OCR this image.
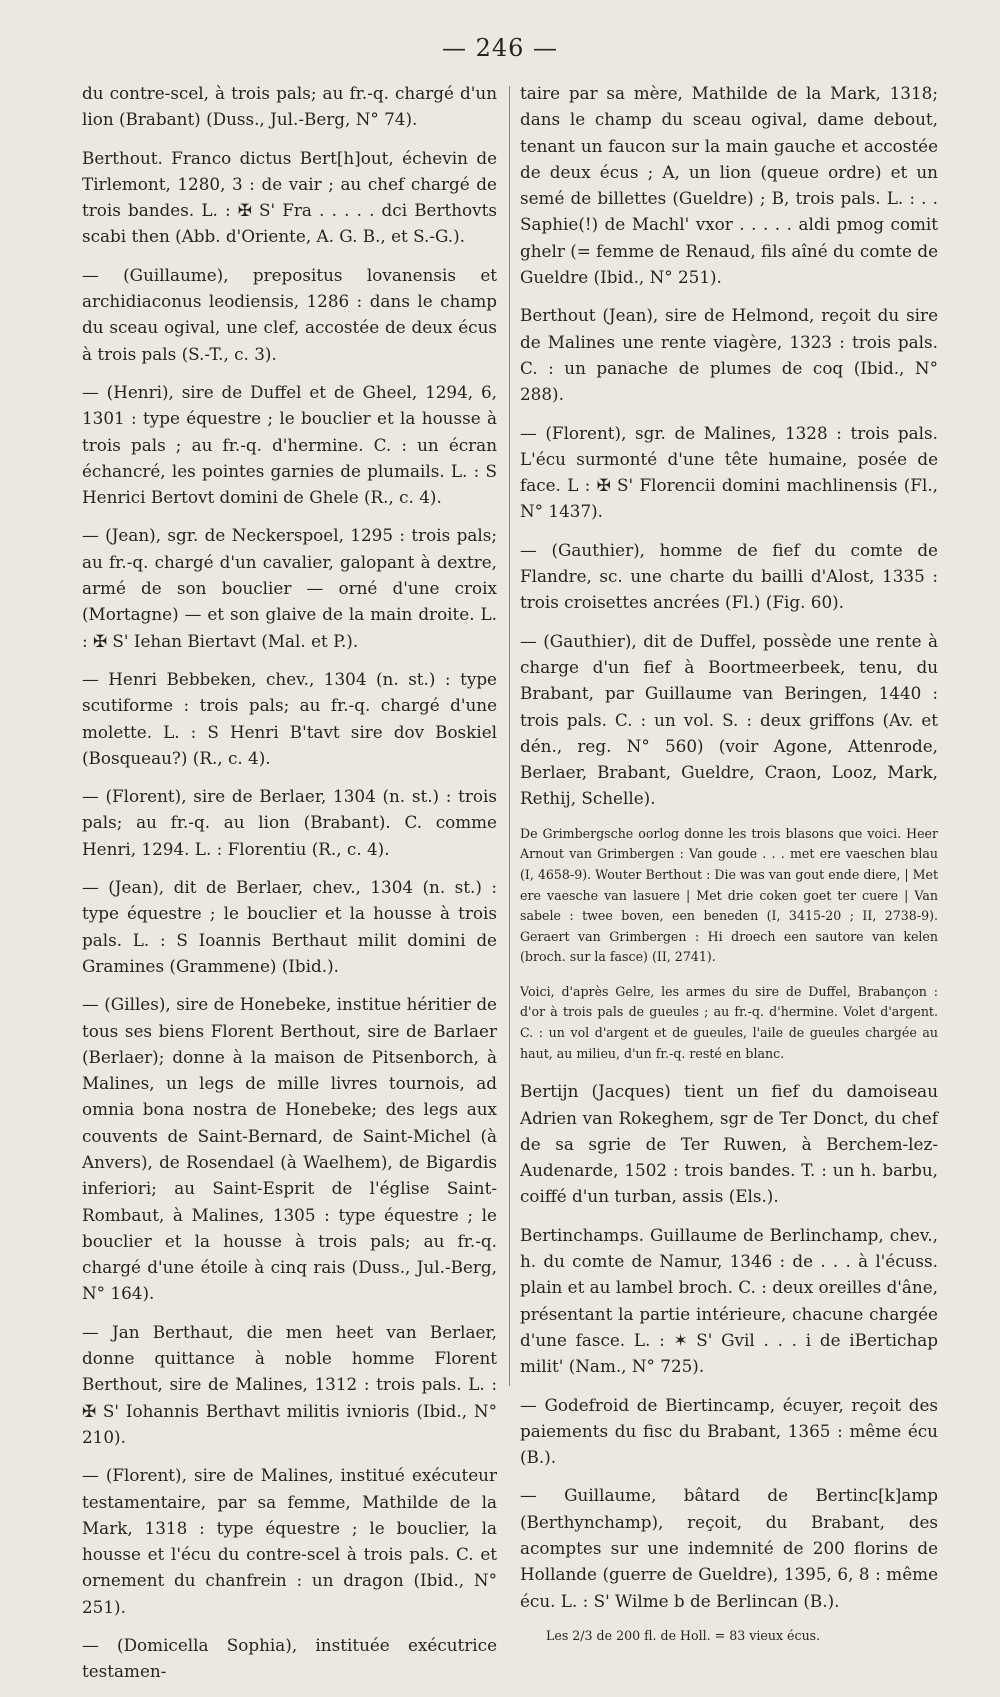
— 246 —

du contre-scel, à trois pals; au fr.-q. chargé d'un lion (Brabant) (Duss., Jul.-Berg, N° 74).

Berthout. Franco dictus Bert[h]out, échevin de Tirlemont, 1280, 3 : de vair ; au chef chargé de trois bandes. L. : ✠ S' Fra . . . . . dci Berthovts scabi then (Abb. d'Oriente, A. G. B., et S.-G.).

— (Guillaume), prepositus lovanensis et archidiaconus leodiensis, 1286 : dans le champ du sceau ogival, une clef, accostée de deux écus à trois pals (S.-T., c. 3).

— (Henri), sire de Duffel et de Gheel, 1294, 6, 1301 : type équestre ; le bouclier et la housse à trois pals ; au fr.-q. d'hermine. C. : un écran échancré, les pointes garnies de plumails. L. : S Henrici Bertovt domini de Ghele (R., c. 4).

— (Jean), sgr. de Neckerspoel, 1295 : trois pals; au fr.-q. chargé d'un cavalier, galopant à dextre, armé de son bouclier — orné d'une croix (Mortagne) — et son glaive de la main droite. L. : ✠ S' Iehan Biertavt (Mal. et P.).

— Henri Bebbeken, chev., 1304 (n. st.) : type scutiforme : trois pals; au fr.-q. chargé d'une molette. L. : S Henri B'tavt sire dov Boskiel (Bosqueau?) (R., c. 4).

— (Florent), sire de Berlaer, 1304 (n. st.) : trois pals; au fr.-q. au lion (Brabant). C. comme Henri, 1294. L. : Florentiu (R., c. 4).

— (Jean), dit de Berlaer, chev., 1304 (n. st.) : type équestre ; le bouclier et la housse à trois pals. L. : S Ioannis Berthaut milit domini de Gramines (Grammene) (Ibid.).

— (Gilles), sire de Honebeke, institue héritier de tous ses biens Florent Berthout, sire de Barlaer (Berlaer); donne à la maison de Pitsenborch, à Malines, un legs de mille livres tournois, ad omnia bona nostra de Honebeke; des legs aux couvents de Saint-Bernard, de Saint-Michel (à Anvers), de Rosendael (à Waelhem), de Bigardis inferiori; au Saint-Esprit de l'église Saint-Rombaut, à Malines, 1305 : type équestre ; le bouclier et la housse à trois pals; au fr.-q. chargé d'une étoile à cinq rais (Duss., Jul.-Berg, N° 164).

— Jan Berthaut, die men heet van Berlaer, donne quittance à noble homme Florent Berthout, sire de Malines, 1312 : trois pals. L. : ✠ S' Iohannis Berthavt militis ivnioris (Ibid., N° 210).

— (Florent), sire de Malines, institué exécuteur testamentaire, par sa femme, Mathilde de la Mark, 1318 : type équestre ; le bouclier, la housse et l'écu du contre-scel à trois pals. C. et ornement du chanfrein : un dragon (Ibid., N° 251).

— (Domicella Sophia), instituée exécutrice testamen-

taire par sa mère, Mathilde de la Mark, 1318; dans le champ du sceau ogival, dame debout, tenant un faucon sur la main gauche et accostée de deux écus ; A, un lion (queue ordre) et un semé de billettes (Gueldre) ; B, trois pals. L. : . . Saphie(!) de Machl' vxor . . . . . aldi pmog comit ghelr (= femme de Renaud, fils aîné du comte de Gueldre (Ibid., N° 251).

Berthout (Jean), sire de Helmond, reçoit du sire de Malines une rente viagère, 1323 : trois pals. C. : un panache de plumes de coq (Ibid., N° 288).

— (Florent), sgr. de Malines, 1328 : trois pals. L'écu surmonté d'une tête humaine, posée de face. L : ✠ S' Florencii domini machlinensis (Fl., N° 1437).

— (Gauthier), homme de fief du comte de Flandre, sc. une charte du bailli d'Alost, 1335 : trois croisettes ancrées (Fl.) (Fig. 60).

— (Gauthier), dit de Duffel, possède une rente à charge d'un fief à Boortmeerbeek, tenu, du Brabant, par Guillaume van Beringen, 1440 : trois pals. C. : un vol. S. : deux griffons (Av. et dén., reg. N° 560) (voir Agone, Attenrode, Berlaer, Brabant, Gueldre, Craon, Looz, Mark, Rethij, Schelle).

De Grimbergsche oorlog donne les trois blasons que voici. Heer Arnout van Grimbergen : Van goude . . . met ere vaeschen blau (I, 4658-9). Wouter Berthout : Die was van gout ende diere, | Met ere vaesche van lasuere | Met drie coken goet ter cuere | Van sabele : twee boven, een beneden (I, 3415-20 ; II, 2738-9). Geraert van Grimbergen : Hi droech een sautore van kelen (broch. sur la fasce) (II, 2741).

Voici, d'après Gelre, les armes du sire de Duffel, Brabançon : d'or à trois pals de gueules ; au fr.-q. d'hermine. Volet d'argent. C. : un vol d'argent et de gueules, l'aile de gueules chargée au haut, au milieu, d'un fr.-q. resté en blanc.

Bertijn (Jacques) tient un fief du damoiseau Adrien van Rokeghem, sgr de Ter Donct, du chef de sa sgrie de Ter Ruwen, à Berchem-lez-Audenarde, 1502 : trois bandes. T. : un h. barbu, coiffé d'un turban, assis (Els.).

Bertinchamps. Guillaume de Berlinchamp, chev., h. du comte de Namur, 1346 : de . . . à l'écuss. plain et au lambel broch. C. : deux oreilles d'âne, présentant la partie intérieure, chacune chargée d'une fasce. L. : ✶ S' Gvil . . . i de iBertichap milit' (Nam., N° 725).

— Godefroid de Biertincamp, écuyer, reçoit des paiements du fisc du Brabant, 1365 : même écu (B.).

— Guillaume, bâtard de Bertinc[k]amp (Berthynchamp), reçoit, du Brabant, des acomptes sur une indemnité de 200 florins de Hollande (guerre de Gueldre), 1395, 6, 8 : même écu. L. : S' Wilme b de Berlincan (B.).

Les 2/3 de 200 fl. de Holl. = 83 vieux écus.
